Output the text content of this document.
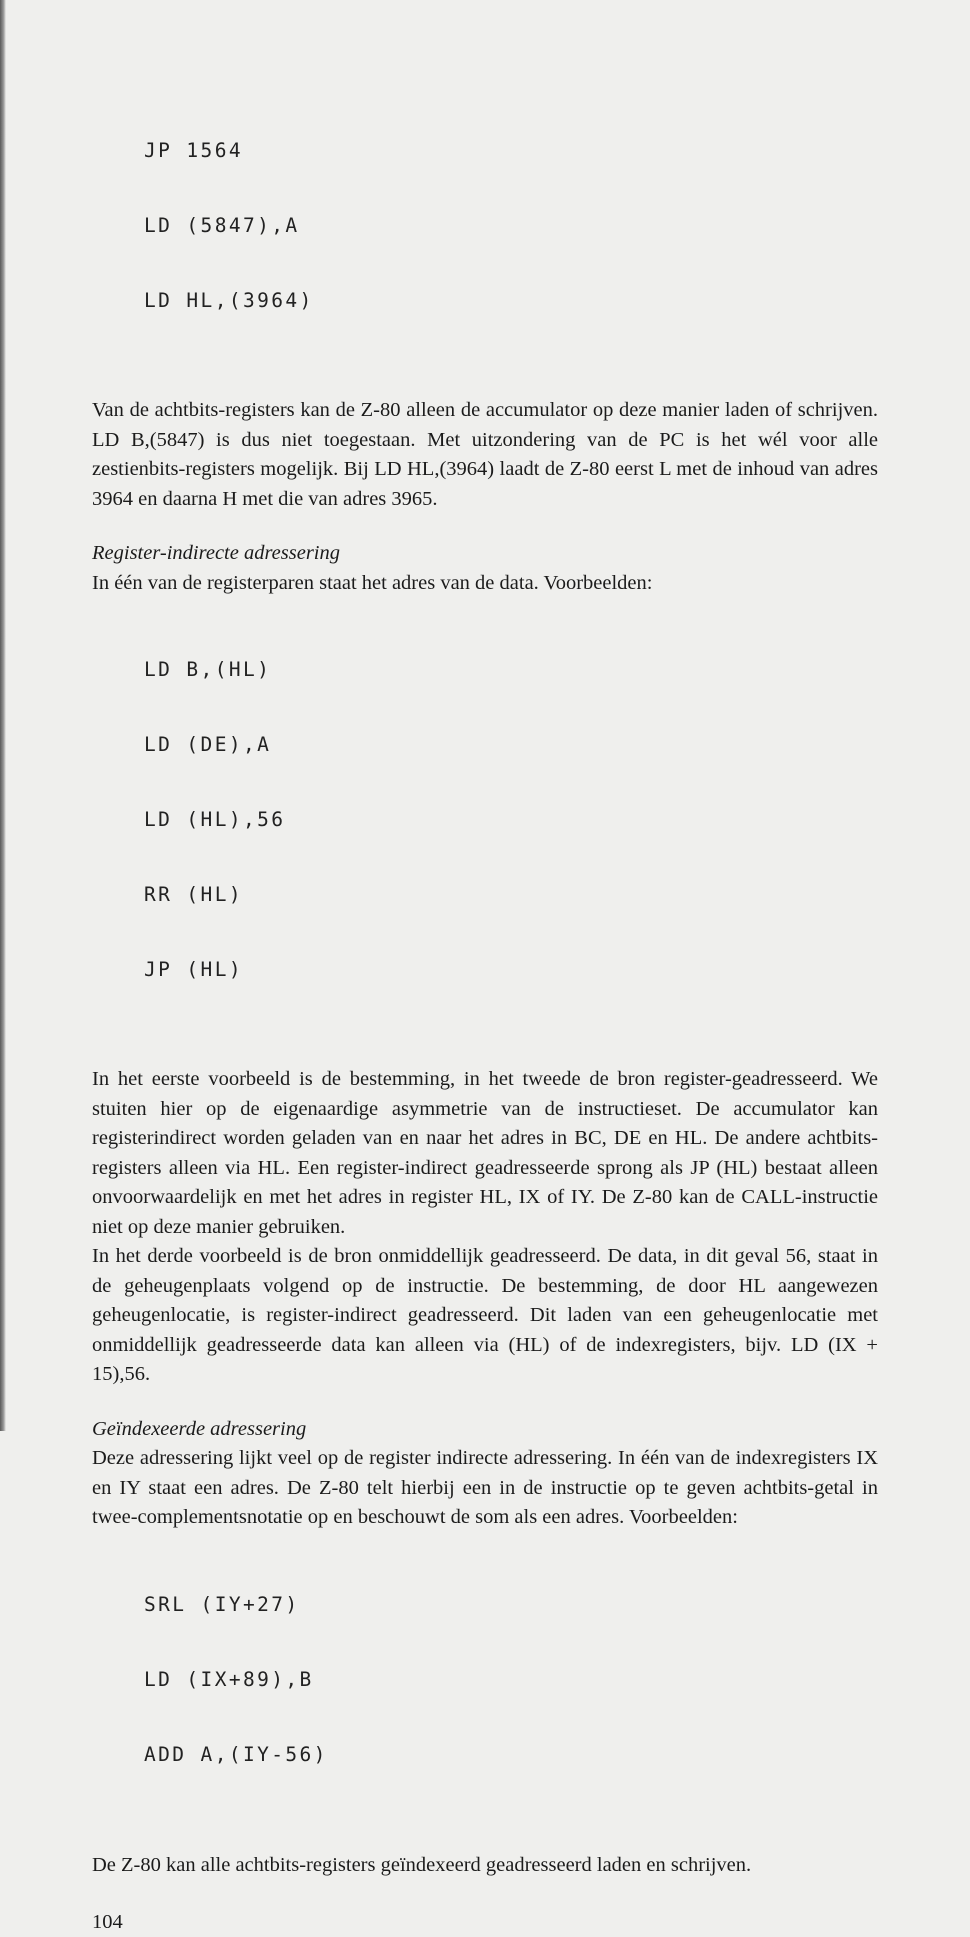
JP 1564

LD (5847),A

LD HL,(3964)

Van de achtbits-registers kan de Z-80 alleen de accumulator op deze manier laden of schrijven. LD B,(5847) is dus niet toegestaan. Met uitzondering van de PC is het wél voor alle zestienbits-registers mogelijk. Bij LD HL,(3964) laadt de Z-80 eerst L met de inhoud van adres 3964 en daarna H met die van adres 3965.

Register-indirecte adressering

In één van de registerparen staat het adres van de data. Voorbeelden:

LD B,(HL)

LD (DE),A

LD (HL),56

RR (HL)

JP (HL)

In het eerste voorbeeld is de bestemming, in het tweede de bron register-geadresseerd. We stuiten hier op de eigenaardige asymmetrie van de instructieset. De accumulator kan registerindirect worden geladen van en naar het adres in BC, DE en HL. De andere achtbits-registers alleen via HL. Een register-indirect geadresseerde sprong als JP (HL) bestaat alleen onvoorwaardelijk en met het adres in register HL, IX of IY. De Z-80 kan de CALL-instructie niet op deze manier gebruiken.

In het derde voorbeeld is de bron onmiddellijk geadresseerd. De data, in dit geval 56, staat in de geheugenplaats volgend op de instructie. De bestemming, de door HL aangewezen geheugenlocatie, is register-indirect geadresseerd. Dit laden van een geheugenlocatie met onmiddellijk geadresseerde data kan alleen via (HL) of de indexregisters, bijv. LD (IX + 15),56.

Geïndexeerde adressering

Deze adressering lijkt veel op de register indirecte adressering. In één van de indexregisters IX en IY staat een adres. De Z-80 telt hierbij een in de instructie op te geven achtbits-getal in twee-complementsnotatie op en beschouwt de som als een adres. Voorbeelden:

SRL (IY+27)

LD (IX+89),B

ADD A,(IY-56)

De Z-80 kan alle achtbits-registers geïndexeerd geadresseerd laden en schrijven.

104
